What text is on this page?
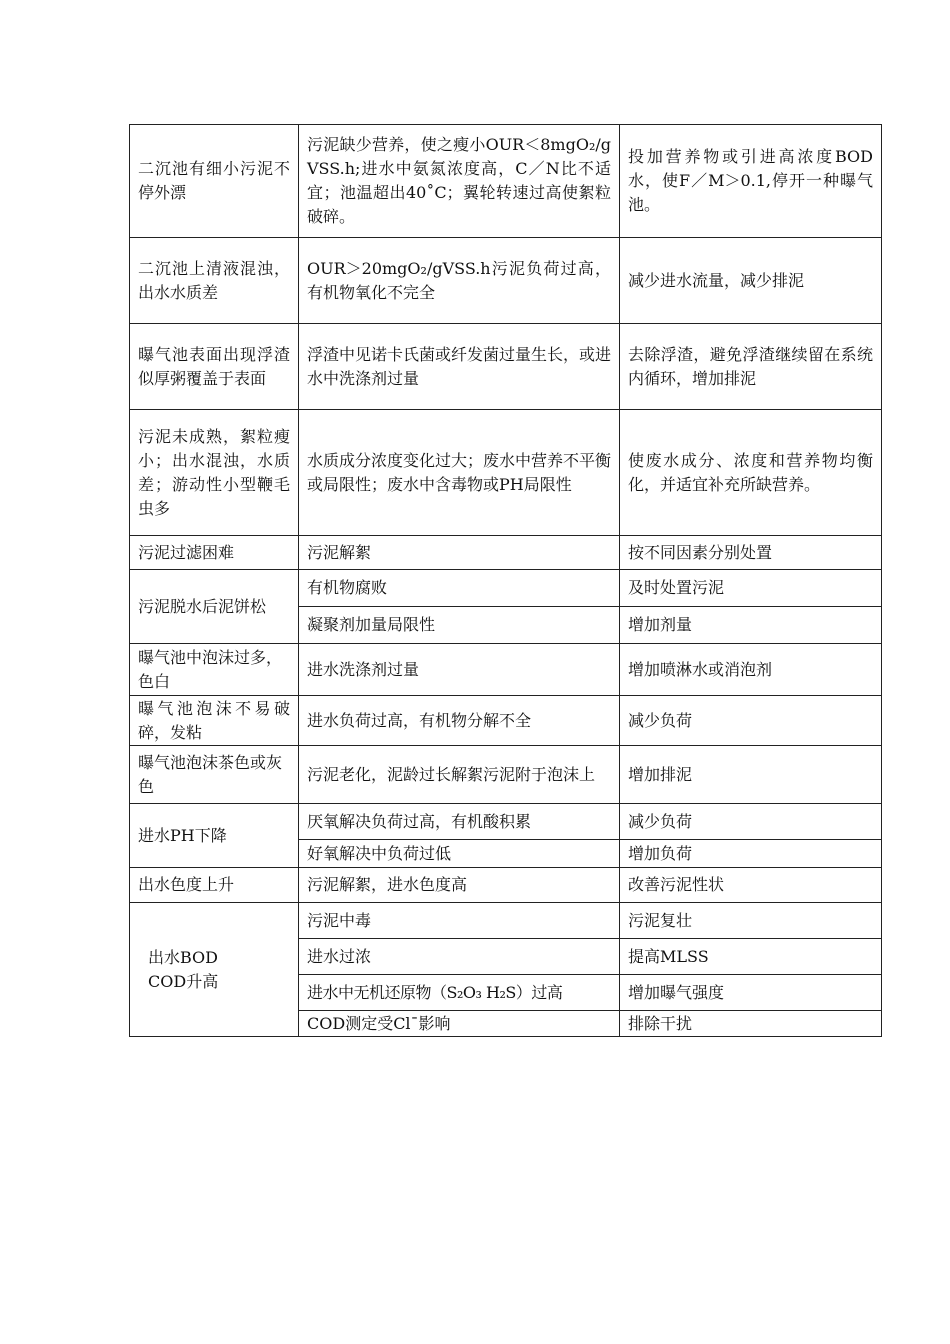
二沉池有细小污泥不停外漂	污泥缺少营养，使之瘦小OUR＜8mgO₂/gVSS.h;进水中氨氮浓度高，C／N比不适宜；池温超出40˚C；翼轮转速过高使絮粒破碎。	投加营养物或引进高浓度BOD水，使F／M＞0.1,停开一种曝气池。
二沉池上清液混浊，出水水质差	OUR＞20mgO₂/gVSS.h污泥负荷过高，有机物氧化不完全	减少进水流量，减少排泥
曝气池表面出现浮渣似厚粥覆盖于表面	浮渣中见诺卡氏菌或纤发菌过量生长，或进水中洗涤剂过量	去除浮渣，避免浮渣继续留在系统内循环，增加排泥
污泥未成熟，絮粒瘦小；出水混浊，水质差；游动性小型鞭毛虫多	水质成分浓度变化过大；废水中营养不平衡或局限性；废水中含毒物或PH局限性	使废水成分、浓度和营养物均衡化，并适宜补充所缺营养。
污泥过滤困难	污泥解絮	按不同因素分别处置
污泥脱水后泥饼松	有机物腐败	及时处置污泥
	凝聚剂加量局限性	增加剂量
曝气池中泡沫过多，色白	进水洗涤剂过量	增加喷淋水或消泡剂
曝气池泡沫不易破碎，发粘	进水负荷过高，有机物分解不全	减少负荷
曝气池泡沫茶色或灰色	污泥老化，泥龄过长解絮污泥附于泡沫上	增加排泥
进水PH下降	厌氧解决负荷过高，有机酸积累	减少负荷
	好氧解决中负荷过低	增加负荷
出水色度上升	污泥解絮，进水色度高	改善污泥性状

出水BOD COD升高	污泥中毒	污泥复壮
	进水过浓	提高MLSS
	进水中无机还原物（S₂O₃ H₂S）过高	增加曝气强度
	COD测定受Cl¯影响	排除干扰
